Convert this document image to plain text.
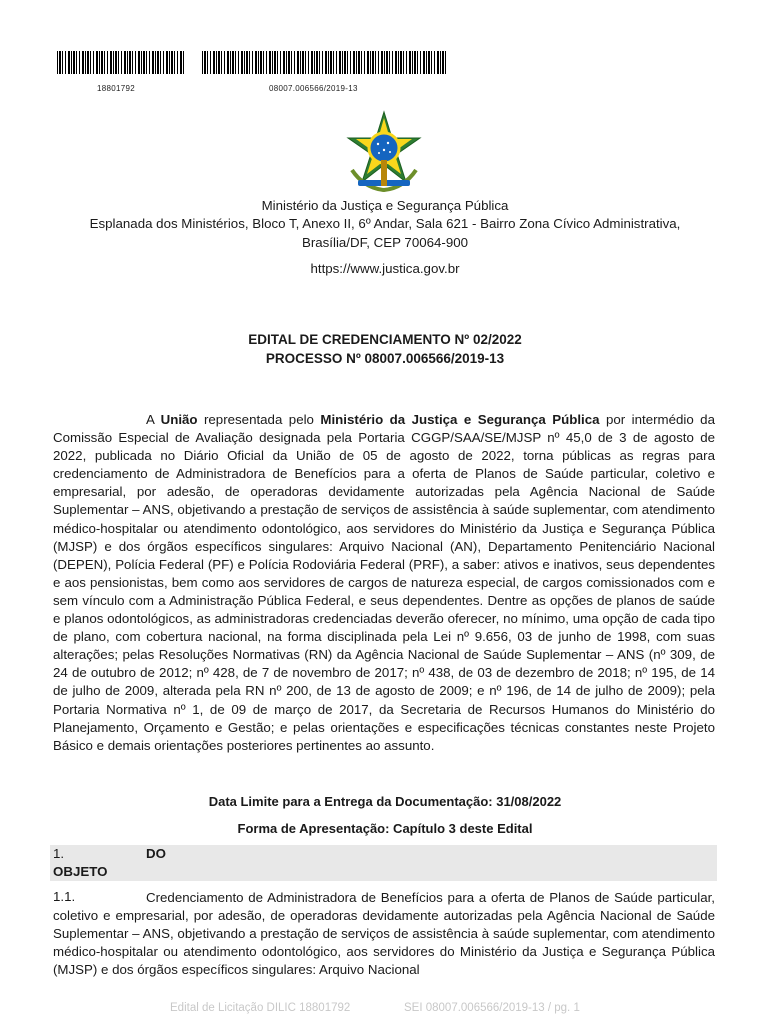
18801792	08007.006566/2019-13
Ministério da Justiça e Segurança Pública
Esplanada dos Ministérios, Bloco T, Anexo II, 6º Andar, Sala 621 - Bairro Zona Cívico Administrativa,
Brasília/DF, CEP 70064-900
https://www.justica.gov.br
EDITAL DE CREDENCIAMENTO Nº 02/2022
PROCESSO Nº 08007.006566/2019-13
A União representada pelo Ministério da Justiça e Segurança Pública por intermédio da Comissão Especial de Avaliação designada pela Portaria CGGP/SAA/SE/MJSP nº 45,0 de 3 de agosto de 2022, publicada no Diário Oficial da União de 05 de agosto de 2022, torna públicas as regras para credenciamento de Administradora de Benefícios para a oferta de Planos de Saúde particular, coletivo e empresarial, por adesão, de operadoras devidamente autorizadas pela Agência Nacional de Saúde Suplementar – ANS, objetivando a prestação de serviços de assistência à saúde suplementar, com atendimento médico-hospitalar ou atendimento odontológico, aos servidores do Ministério da Justiça e Segurança Pública (MJSP) e dos órgãos específicos singulares: Arquivo Nacional (AN), Departamento Penitenciário Nacional (DEPEN), Polícia Federal (PF) e Polícia Rodoviária Federal (PRF), a saber: ativos e inativos, seus dependentes e aos pensionistas, bem como aos servidores de cargos de natureza especial, de cargos comissionados com e sem vínculo com a Administração Pública Federal, e seus dependentes. Dentre as opções de planos de saúde e planos odontológicos, as administradoras credenciadas deverão oferecer, no mínimo, uma opção de cada tipo de plano, com cobertura nacional, na forma disciplinada pela Lei nº 9.656, 03 de junho de 1998, com suas alterações; pelas Resoluções Normativas (RN) da Agência Nacional de Saúde Suplementar – ANS (nº 309, de 24 de outubro de 2012; nº 428, de 7 de novembro de 2017; nº 438, de 03 de dezembro de 2018; nº 195, de 14 de julho de 2009, alterada pela RN nº 200, de 13 de agosto de 2009; e nº 196, de 14 de julho de 2009); pela Portaria Normativa nº 1, de 09 de março de 2017, da Secretaria de Recursos Humanos do Ministério do Planejamento, Orçamento e Gestão; e pelas orientações e especificações técnicas constantes neste Projeto Básico e demais orientações posteriores pertinentes ao assunto.
Data Limite para a Entrega da Documentação: 31/08/2022
Forma de Apresentação: Capítulo 3 deste Edital
1.	DO
OBJETO
Credenciamento de Administradora de Benefícios para a oferta de Planos de Saúde particular, coletivo e empresarial, por adesão, de operadoras devidamente autorizadas pela Agência Nacional de Saúde Suplementar – ANS, objetivando a prestação de serviços de assistência à saúde suplementar, com atendimento médico-hospitalar ou atendimento odontológico, aos servidores do Ministério da Justiça e Segurança Pública (MJSP) e dos órgãos específicos singulares: Arquivo Nacional
1.1.
Edital de Licitação DILIC 18801792	SEI 08007.006566/2019-13 / pg. 1
